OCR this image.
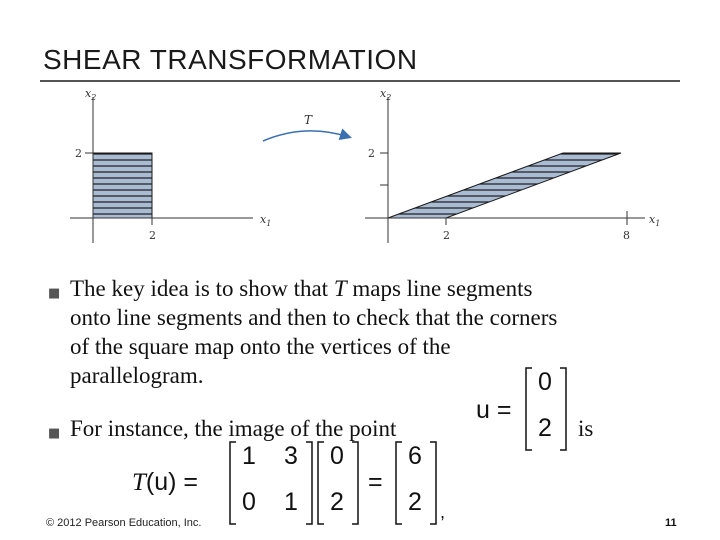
SHEAR TRANSFORMATION
2
2
$x_1$
$x_2$
T
2	8
2
$x_1$
$x_2$
■ The key idea is to show that T maps line segments
onto line segments and then to check that the corners
of the square map onto the vertices of the
parallelogram.
■ For instance, the image of the point	is
u =
0
2
T(u) =
1 3
0 1
0
2
=
6
2 ,
© 2012 Pearson Education, Inc.	11
